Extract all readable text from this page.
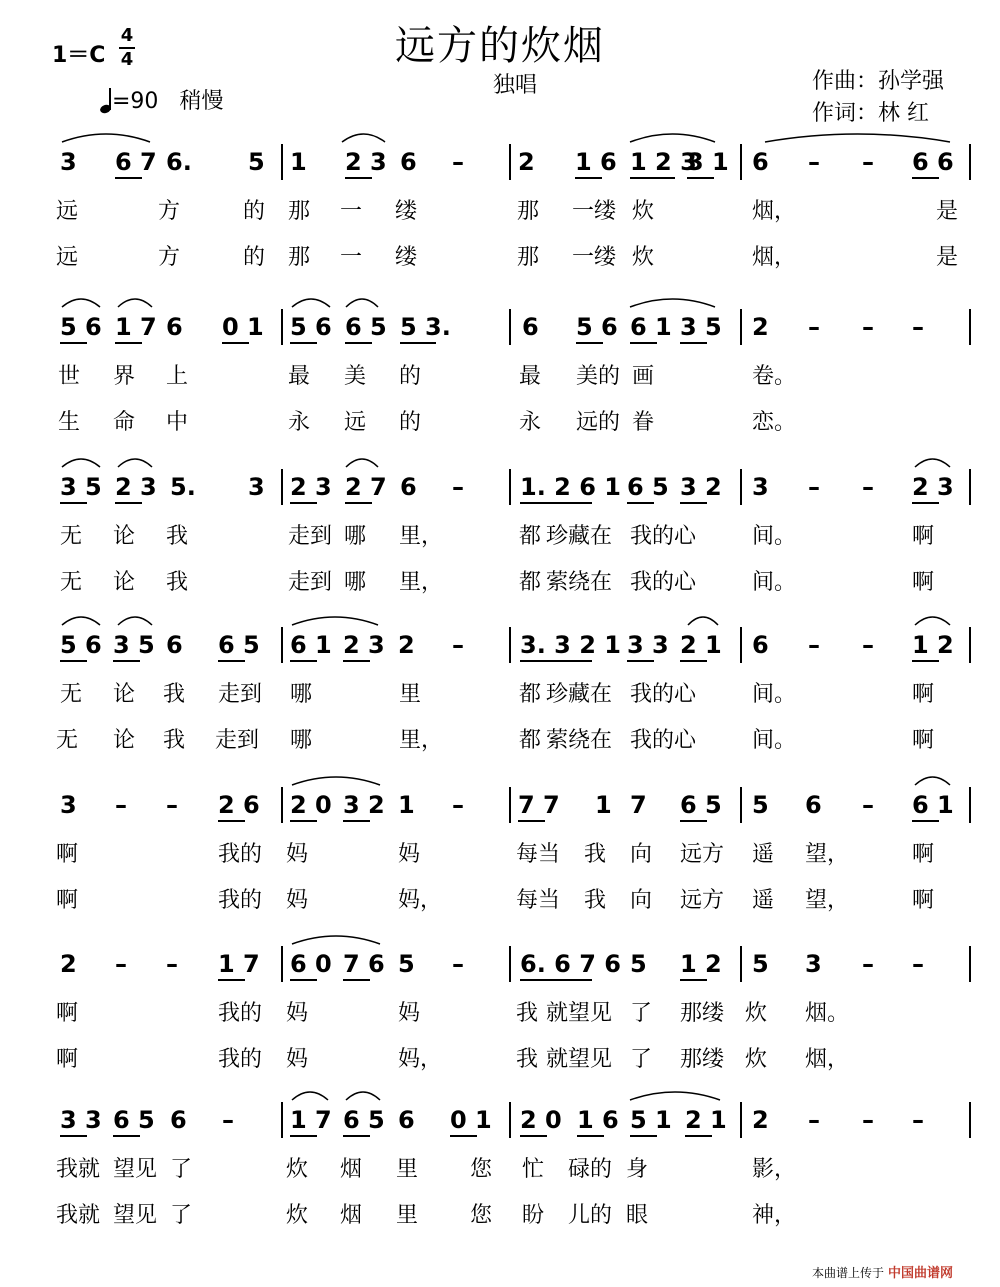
远方的炊烟
独唱
1＝C
4
4
=90 稍慢
作曲：孙学强
作词：林 红
3 6 7 6. 5 1 2 3 6 – 2 1 6 1 2 3
3 1 6 – – 6 6
远	方	的 那 一 缕	那 一缕 炊	烟，	是
远	方	的 那 一 缕	那 一缕 炊	烟，	是
5 6 1 7 6 0 1 5 6 6 5 5 3.	6 5 6 6 1 3 5 2 – – –
世 界 上	最 美 的	最 美的 画	卷。
生 命 中	永 远 的	永 远的 眷	恋。
3 5 2 3 5. 3 2 3 2 7 6 – 1. 2 6 1 6 5 3 2 3 – – 2 3
无 论 我	走到 哪 里，	都 珍藏在 我的心	间。	啊
无 论 我	走到 哪 里，	都 萦绕在 我的心	间。	啊
5 6 3 5 6 6 5 6 1 2 3 2 – 3. 3 2 1 3 3 2 1 6 – – 1 2
无 论 我 走到 哪	里	都 珍藏在 我的心	间。	啊
无 论 我 走到 哪	里，	都 萦绕在 我的心	间。	啊
3 – – 2 6 2 0 3 2 1 – 7 7 1 7 6 5 5 6 – 6 1
啊	我的 妈	妈	每当 我 向 远方 遥 望，	啊
啊	我的 妈	妈，	每当 我 向 远方 遥 望，	啊
2 – – 1 7 6 0 7 6 5 – 6. 6 7 6 5 1 2 5 3 – –
啊	我的 妈	妈	我 就望见 了 那缕 炊 烟。
啊	我的 妈	妈，	我 就望见 了 那缕 炊 烟，
3 3 6 5 6 – 1 7 6 5 6 0 1 2 0 1 6 5 1 2 1 2 – – –
我就 望见 了	炊 烟 里 您 忙 碌的 身	影，
我就 望见 了	炊 烟 里 您 盼 儿的 眼	神，
本曲谱上传于 中国曲谱网
